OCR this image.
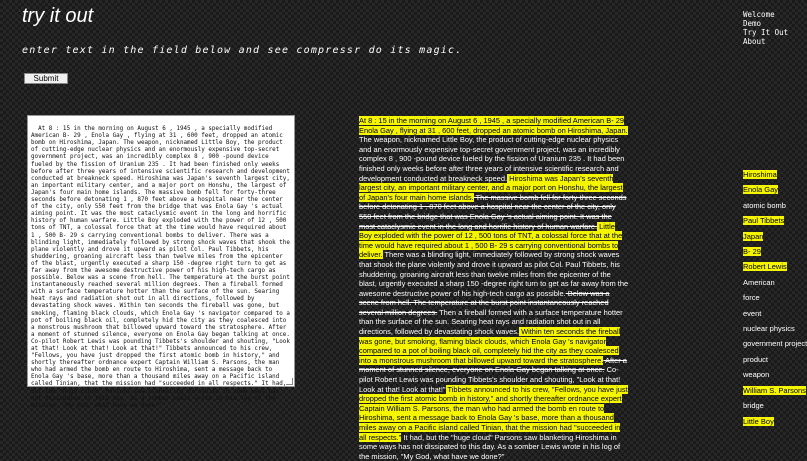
try it out
enter text in the field below and see compressr do its magic.
Submit
Welcome
Demo
Try It Out
About

At 8 : 15 in the morning on August 6 , 1945 , a specially modified American B- 29 , Enola Gay , flying at 31 , 600 feet, dropped an atomic bomb on Hiroshima, Japan. The weapon, nicknamed Little Boy, the product of cutting-edge nuclear physics and an enormously expensive top-secret government project, was an incredibly complex 8 , 900 -pound device fueled by the fission of Uranium 235 . It had been finished only weeks before after three years of intensive scientific research and development conducted at breakneck speed. Hiroshima was Japan's seventh largest city, an important military center, and a major port on Honshu, the largest of Japan's four main home islands. The massive bomb fell for forty-three seconds before detonating 1 , 870 feet above a hospital near the center of the city, only 550 feet from the bridge that was Enola Gay 's actual aiming point. It was the most cataclysmic event in the long and horrific history of human warfare. Little Boy exploded with the power of 12 , 500 tons of TNT, a colossal force that at the time would have required about 1 , 500 B- 29 s carrying conventional bombs to deliver. There was a blinding light, immediately followed by strong shock waves that shook the plane violently and drove it upward as pilot Col. Paul Tibbets, his shuddering, groaning aircraft less than twelve miles from the epicenter of the blast, urgently executed a sharp 150 -degree right turn to get as far away from the awesome destructive power of his high-tech cargo as possible. Below was a scene from hell. The temperature at the burst point instantaneously reached several million degrees. Then a fireball formed with a surface temperature hotter than the surface of the sun. Searing heat rays and radiation shot out in all directions, followed by devastating shock waves. Within ten seconds the fireball was gone, but smoking, flaming black clouds, which Enola Gay 's navigator compared to a pot of boiling black oil, completely hid the city as they coalesced into a monstrous mushroom that billowed upward toward the stratosphere. After a moment of stunned silence, everyone on Enola Gay began talking at once. Co-pilot Robert Lewis was pounding Tibbets's shoulder and shouting, "Look at that! Look at that! Look at that!" Tibbets announced to his crew, "Fellows, you have just dropped the first atomic bomb in history," and shortly thereafter ordnance expert Captain William S. Parsons, the man who had armed the bomb en route to Hiroshima, sent a message back to Enola Gay 's base, more than a thousand miles away on a Pacific island called Tinian, that the mission had "succeeded in all respects." It had, but the "huge cloud" Parsons saw blanketing Hiroshima in some ways has not dissipated to this day. As a somber Lewis wrote in his log of the mission, "My God, what have we done?"

At 8 : 15 in the morning on August 6 , 1945 , a specially modified American B- 29 Enola Gay , flying at 31 , 600 feet, dropped an atomic bomb on Hiroshima, Japan. The weapon, nicknamed Little Boy, the product of cutting-edge nuclear physics and an enormously expensive top-secret government project, was an incredibly complex 8 , 900 -pound device fueled by the fission of Uranium 235 . It had been finished only weeks before after three years of intensive scientific research and development conducted at breakneck speed. Hiroshima was Japan's seventh largest city, an important military center, and a major port on Honshu, the largest of Japan's four main home islands. The massive bomb fell for forty-three seconds before detonating 1 , 870 feet above a hospital near the center of the city, only 550 feet from the bridge that was Enola Gay 's actual aiming point. It was the most cataclysmic event in the long and horrific history of human warfare. Little Boy exploded with the power of 12 , 500 tons of TNT, a colossal force that at the time would have required about 1 , 500 B- 29 s carrying conventional bombs to deliver. There was a blinding light, immediately followed by strong shock waves that shook the plane violently and drove it upward as pilot Col. Paul Tibbets, his shuddering, groaning aircraft less than twelve miles from the epicenter of the blast, urgently executed a sharp 150 -degree right turn to get as far away from the awesome destructive power of his high-tech cargo as possible. Below was a scene from hell. The temperature at the burst point instantaneously reached several million degrees. Then a fireball formed with a surface temperature hotter than the surface of the sun. Searing heat rays and radiation shot out in all directions, followed by devastating shock waves. Within ten seconds the fireball was gone, but smoking, flaming black clouds, which Enola Gay 's navigator compared to a pot of boiling black oil, completely hid the city as they coalesced into a monstrous mushroom that billowed upward toward the stratosphere. After a moment of stunned silence, everyone on Enola Gay began talking at once. Co-pilot Robert Lewis was pounding Tibbets's shoulder and shouting, "Look at that! Look at that! Look at that!" Tibbets announced to his crew, "Fellows, you have just dropped the first atomic bomb in history," and shortly thereafter ordnance expert Captain William S. Parsons, the man who had armed the bomb en route to Hiroshima, sent a message back to Enola Gay 's base, more than a thousand miles away on a Pacific island called Tinian, that the mission had "succeeded in all respects." It had, but the "huge cloud" Parsons saw blanketing Hiroshima in some ways has not dissipated to this day. As a somber Lewis wrote in his log of the mission, "My God, what have we done?"
Hiroshima
Enola Gay
atomic bomb
Paul Tibbets
Japan
B- 29
Robert Lewis
American
force
event
nuclear physics
government project
product
weapon
William S. Parsons
bridge
Little Boy
